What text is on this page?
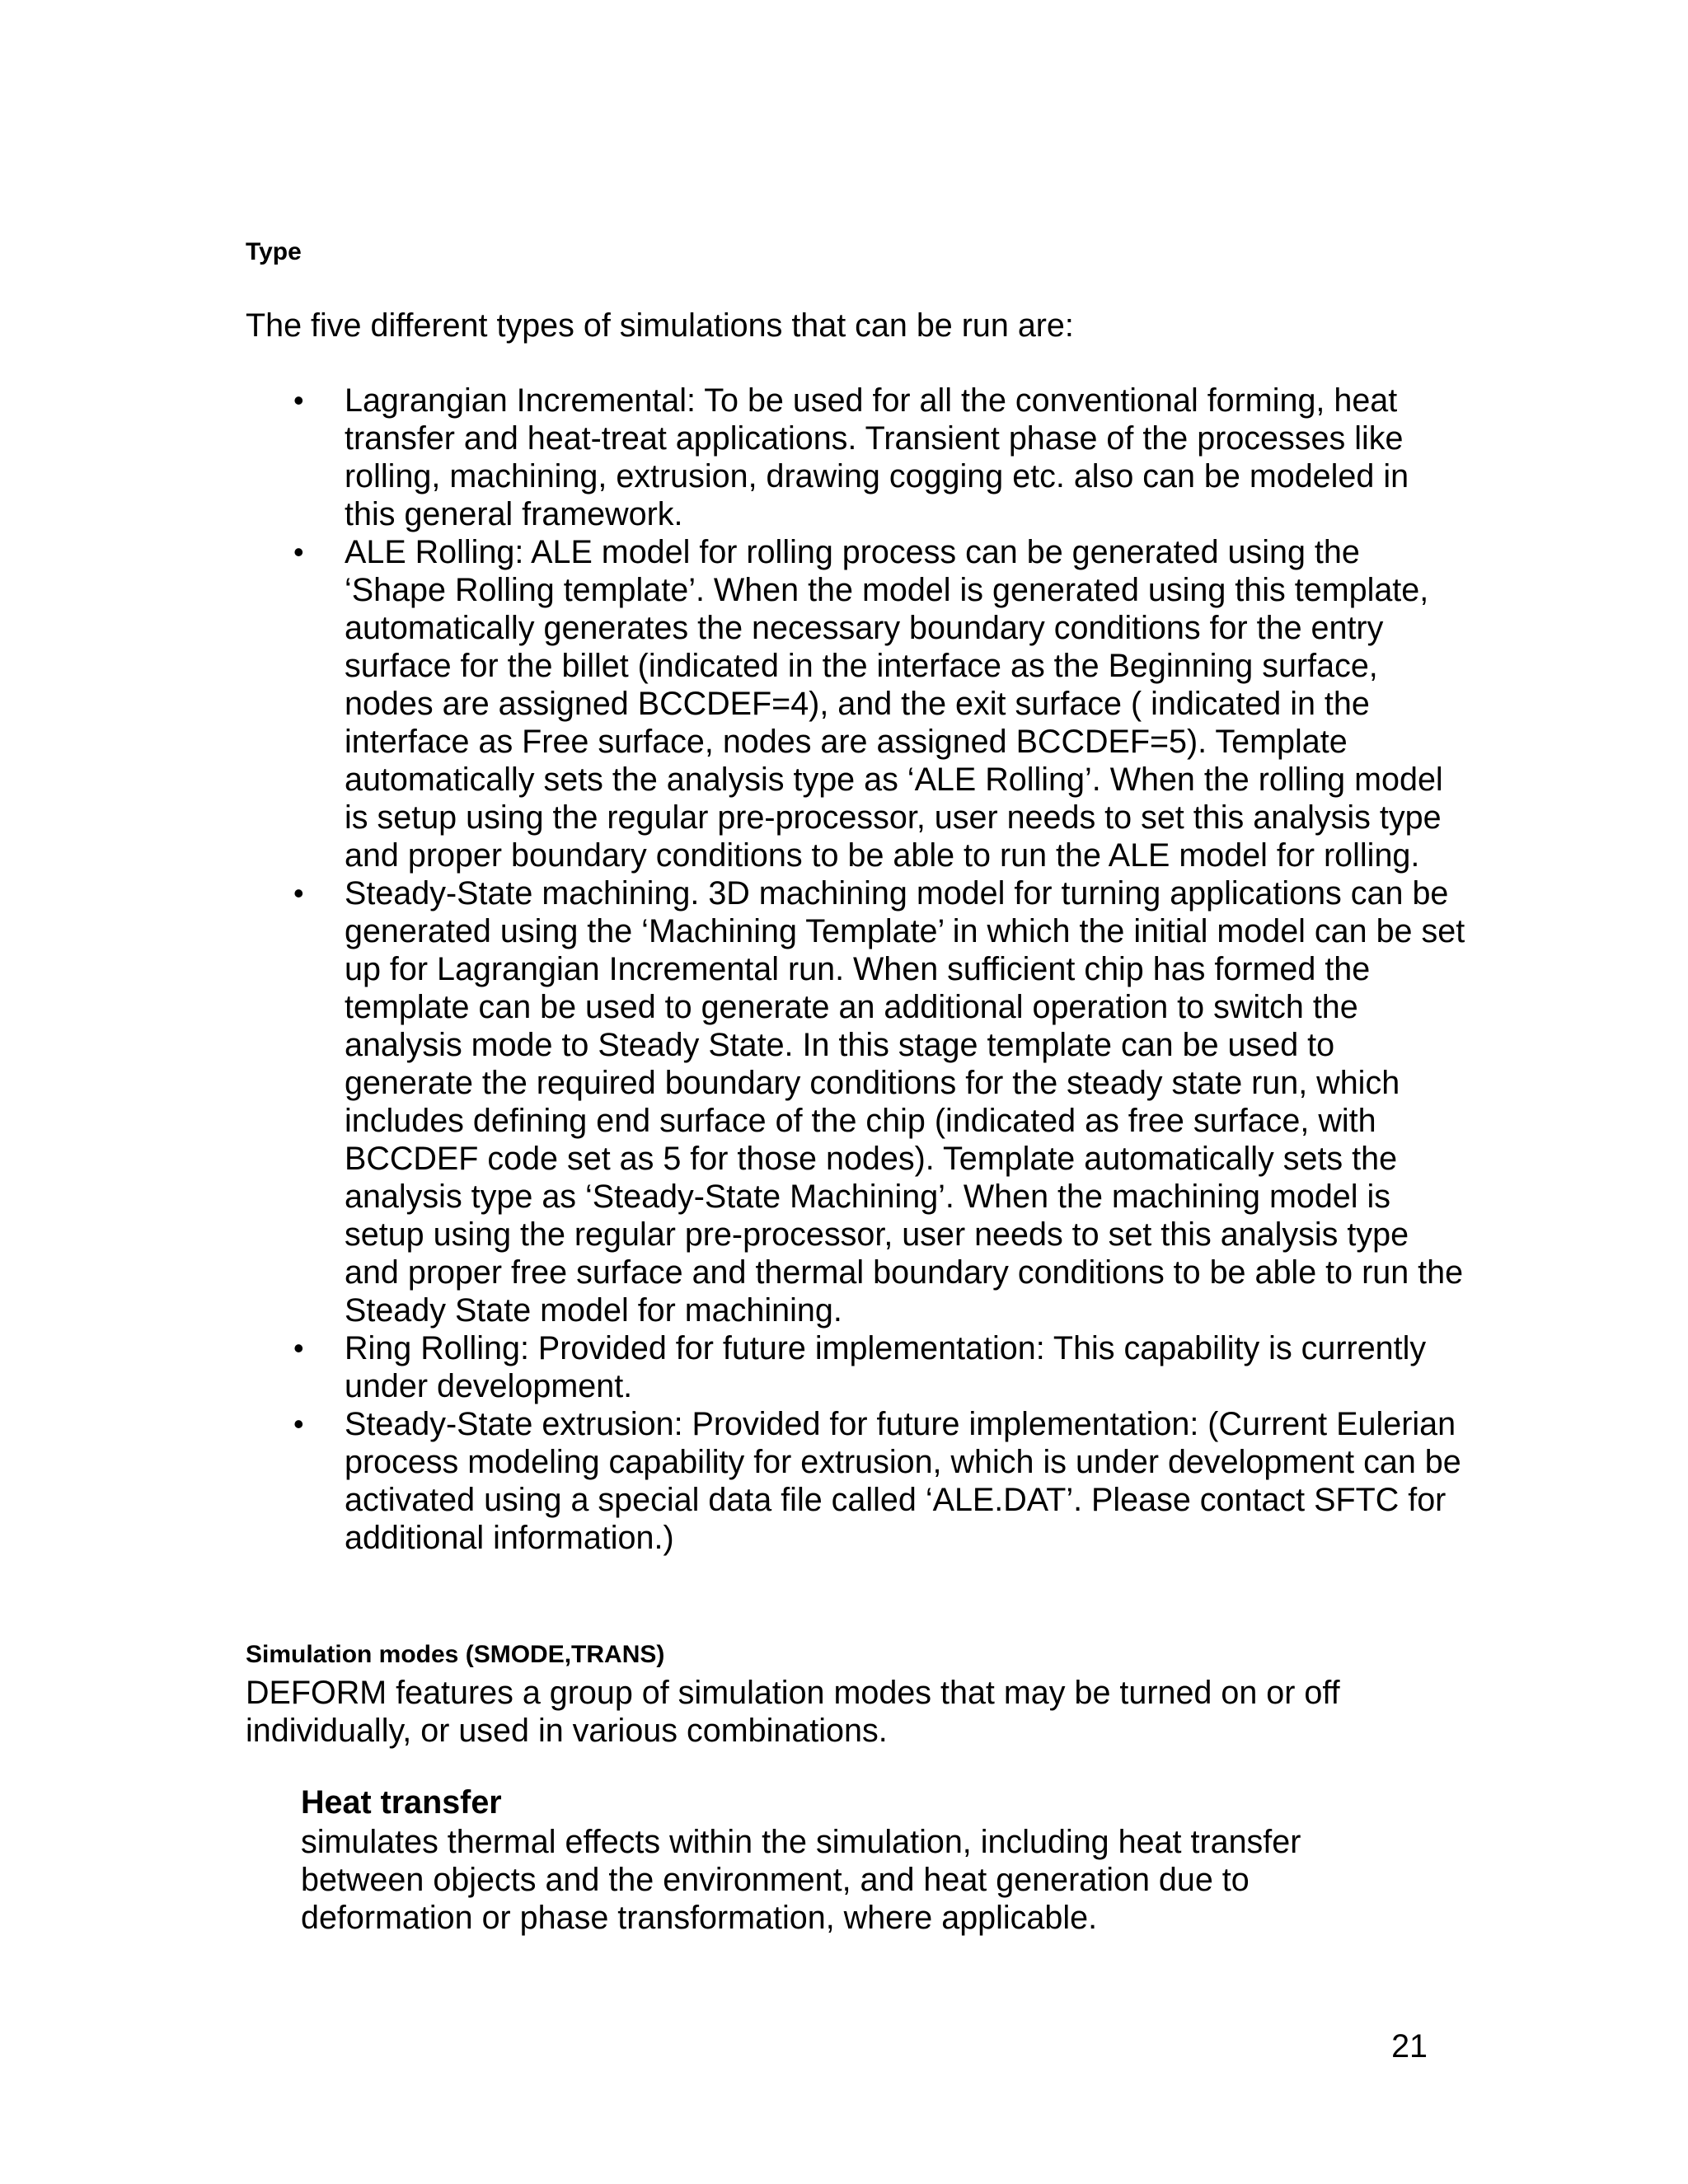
Type

The five different types of simulations that can be run are:

• Lagrangian Incremental: To be used for all the conventional forming, heat transfer and heat-treat applications. Transient phase of the processes like rolling, machining, extrusion, drawing cogging etc. also can be modeled in this general framework.
• ALE Rolling: ALE model for rolling process can be generated using the ‘Shape Rolling template’. When the model is generated using this template, automatically generates the necessary boundary conditions for the entry surface for the billet (indicated in the interface as the Beginning surface, nodes are assigned BCCDEF=4), and the exit surface ( indicated in the interface as Free surface, nodes are assigned BCCDEF=5). Template automatically sets the analysis type as ‘ALE Rolling’. When the rolling model is setup using the regular pre-processor, user needs to set this analysis type and proper boundary conditions to be able to run the ALE model for rolling.
• Steady-State machining. 3D machining model for turning applications can be generated using the ‘Machining Template’ in which the initial model can be set up for Lagrangian Incremental run. When sufficient chip has formed the template can be used to generate an additional operation to switch the analysis mode to Steady State. In this stage template can be used to generate the required boundary conditions for the steady state run, which includes defining end surface of the chip (indicated as free surface, with BCCDEF code set as 5 for those nodes). Template automatically sets the analysis type as ‘Steady-State Machining’. When the machining model is setup using the regular pre-processor, user needs to set this analysis type and proper free surface and thermal boundary conditions to be able to run the Steady State model for machining.
• Ring Rolling: Provided for future implementation: This capability is currently under development.
• Steady-State extrusion: Provided for future implementation: (Current Eulerian process modeling capability for extrusion, which is under development can be activated using a special data file called ‘ALE.DAT’. Please contact SFTC for additional information.)
Simulation modes (SMODE,TRANS)

DEFORM features a group of simulation modes that may be turned on or off individually, or used in various combinations.

Heat transfer

simulates thermal effects within the simulation, including heat transfer between objects and the environment, and heat generation due to deformation or phase transformation, where applicable.

21
